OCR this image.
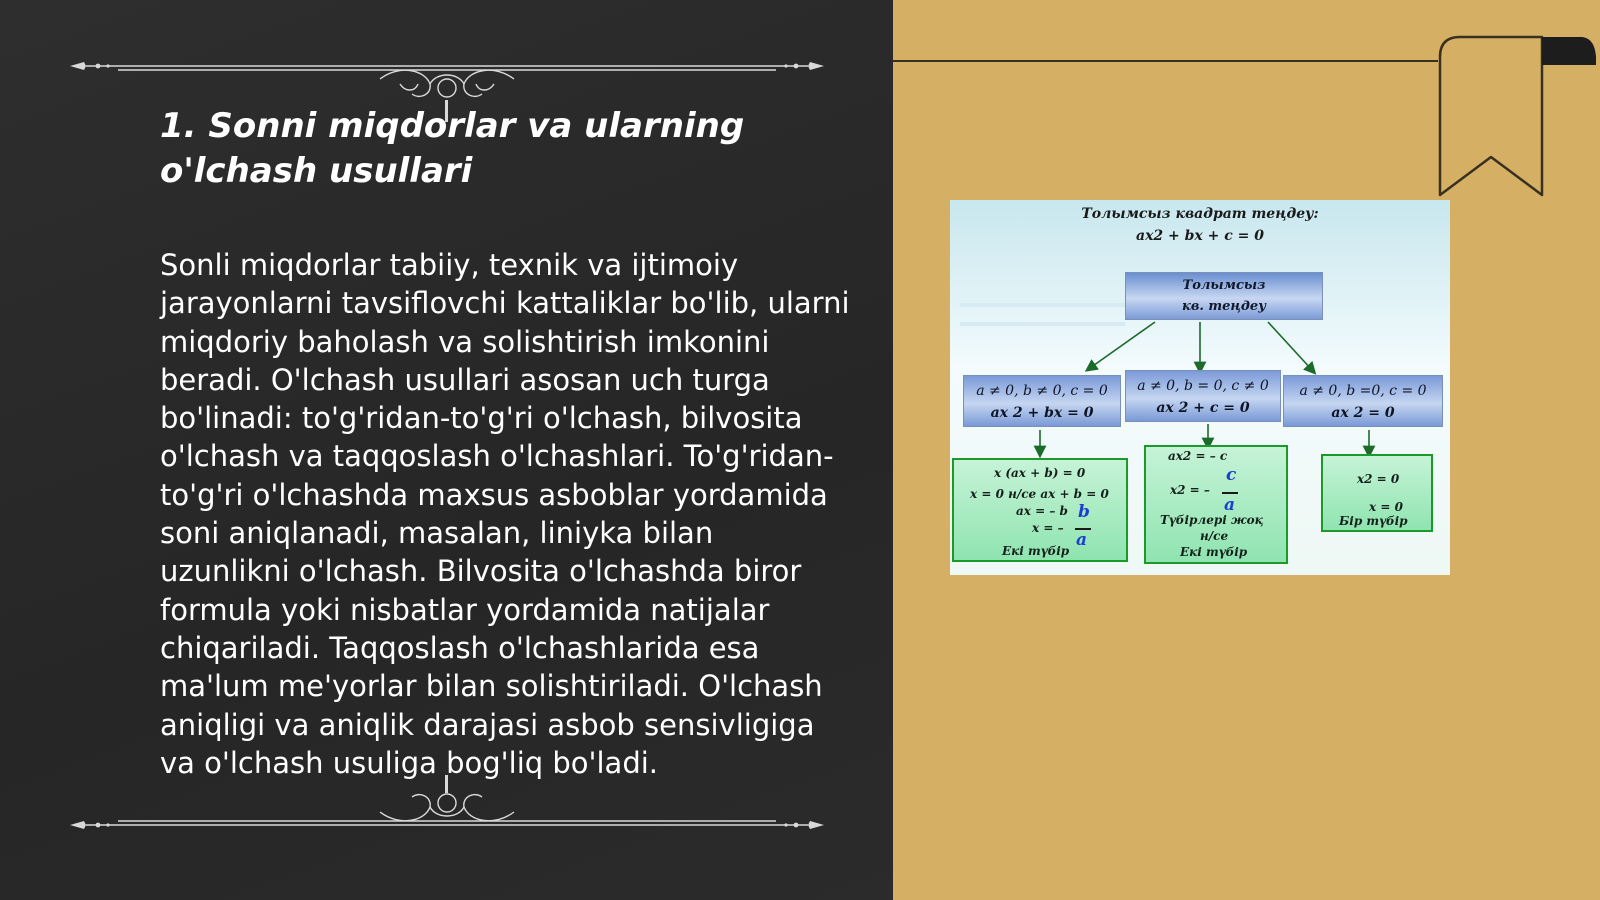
1. Sonni miqdorlar va ularning o'lchash usullari

Sonli miqdorlar tabiiy, texnik va ijtimoiy jarayonlarni tavsiflovchi kattaliklar bo'lib, ularni miqdoriy baholash va solishtirish imkonini beradi. O'lchash usullari asosan uch turga bo'linadi: to'g'ridan-to'g'ri o'lchash, bilvosita o'lchash va taqqoslash o'lchashlari. To'g'ridan-to'g'ri o'lchashda maxsus asboblar yordamida soni aniqlanadi, masalan, liniyka bilan uzunlikni o'lchash. Bilvosita o'lchashda biror formula yoki nisbatlar yordamida natijalar chiqariladi. Taqqoslash o'lchashlarida esa ma'lum me'yorlar bilan solishtiriladi. O'lchash aniqligi va aniqlik darajasi asbob sensivligiga va o'lchash usuliga bog'liq bo'ladi.

Толымсыз квадрат теңдеу:
ax2 + bx + c = 0
Толымсыз
кв. теңдеу
a ≠ 0, b ≠ 0, c = 0
ax 2 + bx = 0
a ≠ 0, b = 0, c ≠ 0
ax 2 + c = 0
a ≠ 0, b =0, c = 0
ax 2 = 0
x (ax + b) = 0
x = 0 н/се ax + b = 0
ax = – b
x = –
b
a
Екі түбір
ax2 = – c
x2 = –
c
a
Түбірлері жоқ
н/се
Екі түбір
x2 = 0
x = 0
Бір түбір
